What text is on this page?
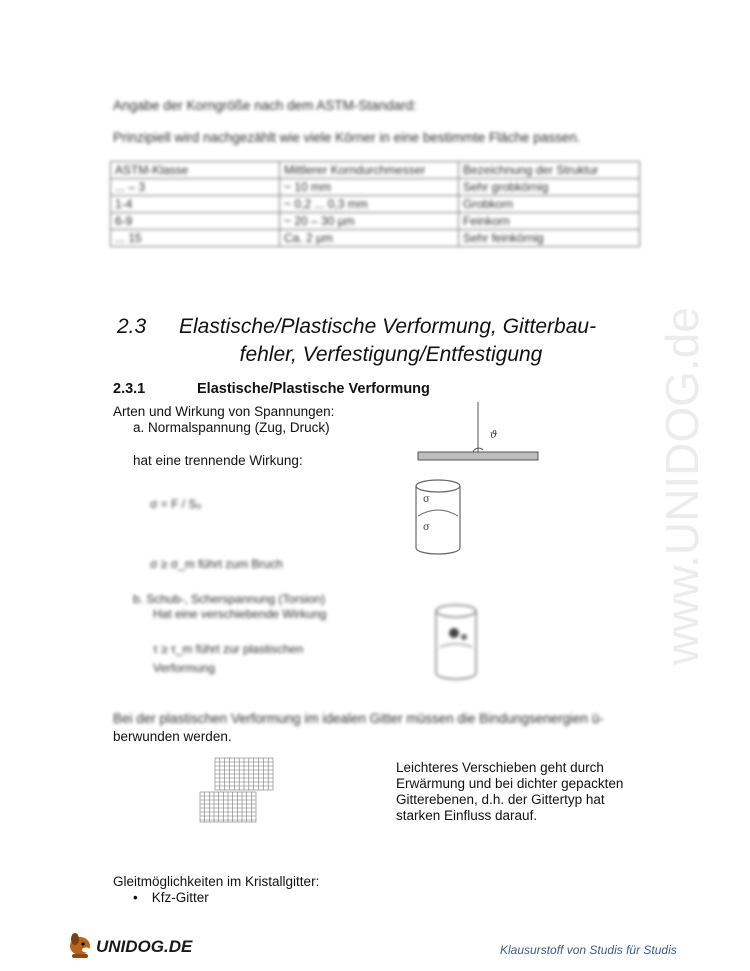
Angabe der Korngröße nach dem ASTM-Standard:
Prinzipiell wird nachgezählt wie viele Körner in eine bestimmte Fläche passen.
ASTM-Klasse	Mittlerer Korndurchmesser	Bezeichnung der Struktur
... – 3	~ 10 mm	Sehr grobkörnig
1-4	~ 0,2 ... 0,3 mm	Grobkorn
6-9	~ 20 – 30 µm	Feinkorn
... 15	Ca. 2 µm	Sehr feinkörnig
www.UNIDOG.de
2.3 Elastische/Plastische Verformung, Gitterbau-
fehler, Verfestigung/Entfestigung
2.3.1	Elastische/Plastische Verformung
Arten und Wirkung von Spannungen:
a. Normalspannung (Zug, Druck)
hat eine trennende Wirkung:
σ = F / S₀
σ ≥ σ_m führt zum Bruch
b. Schub-, Scherspannung (Torsion)
Hat eine verschiebende Wirkung
τ ≥ τ_m führt zur plastischen
Verformung
Bei der plastischen Verformung im idealen Gitter müssen die Bindungsenergien ü-
berwunden werden.
Leichteres Verschieben geht durch
Erwärmung und bei dichter gepackten
Gitterebenen, d.h. der Gittertyp hat
starken Einfluss darauf.
Gleitmöglichkeiten im Kristallgitter:
• Kfz-Gitter
ϑ
σ
σ
UNIDOG.DE	Klausurstoff von Studis für Studis
